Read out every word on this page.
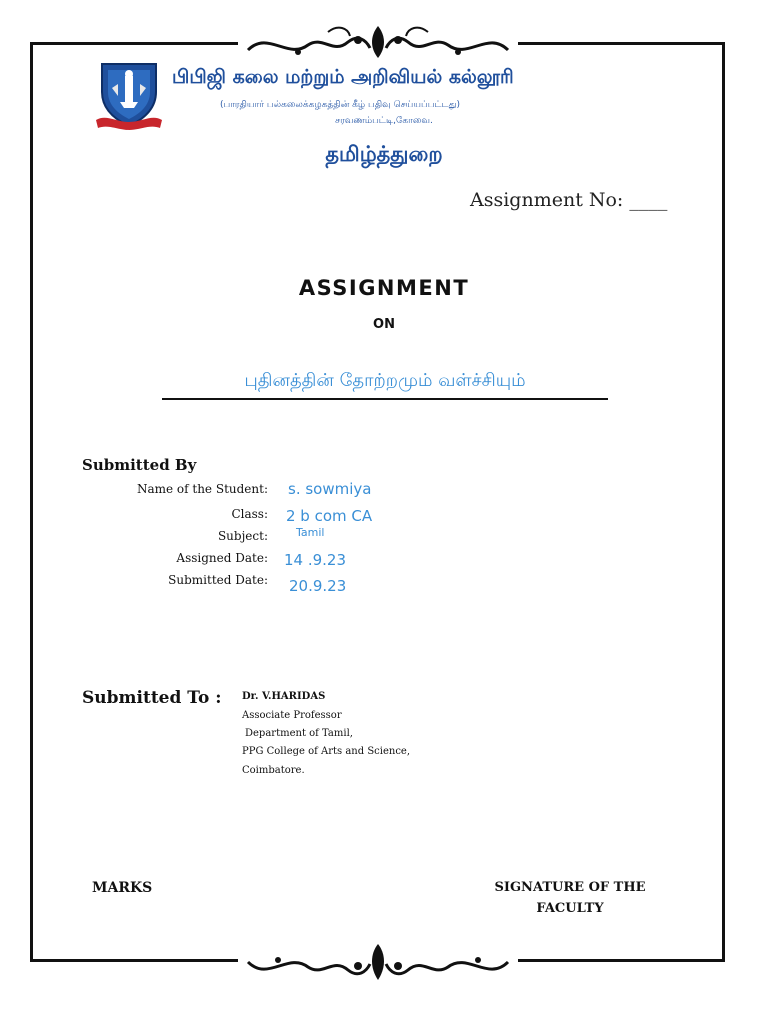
பிபிஜி கலை மற்றும் அறிவியல் கல்லூரி
(பாரதியார் பல்கலைக்கழகத்தின் கீழ் பதிவு செய்யப்பட்டது)
சரவணம்பட்டி,கோவை.
தமிழ்த்துறை
Assignment No: ____
ASSIGNMENT
ON
புதினத்தின் தோற்றமும் வள்ச்சியும்
Submitted By
Name of the Student: s. sowmiya
Class: 2 b com CA
Subject:	Tamil
Assigned Date: 14 .9.23
Submitted Date: 20.9.23
Submitted To : Dr. V.HARIDAS
Associate Professor
Department of Tamil,
PPG College of Arts and Science,
Coimbatore.
MARKS	SIGNATURE OF THE
FACULTY
